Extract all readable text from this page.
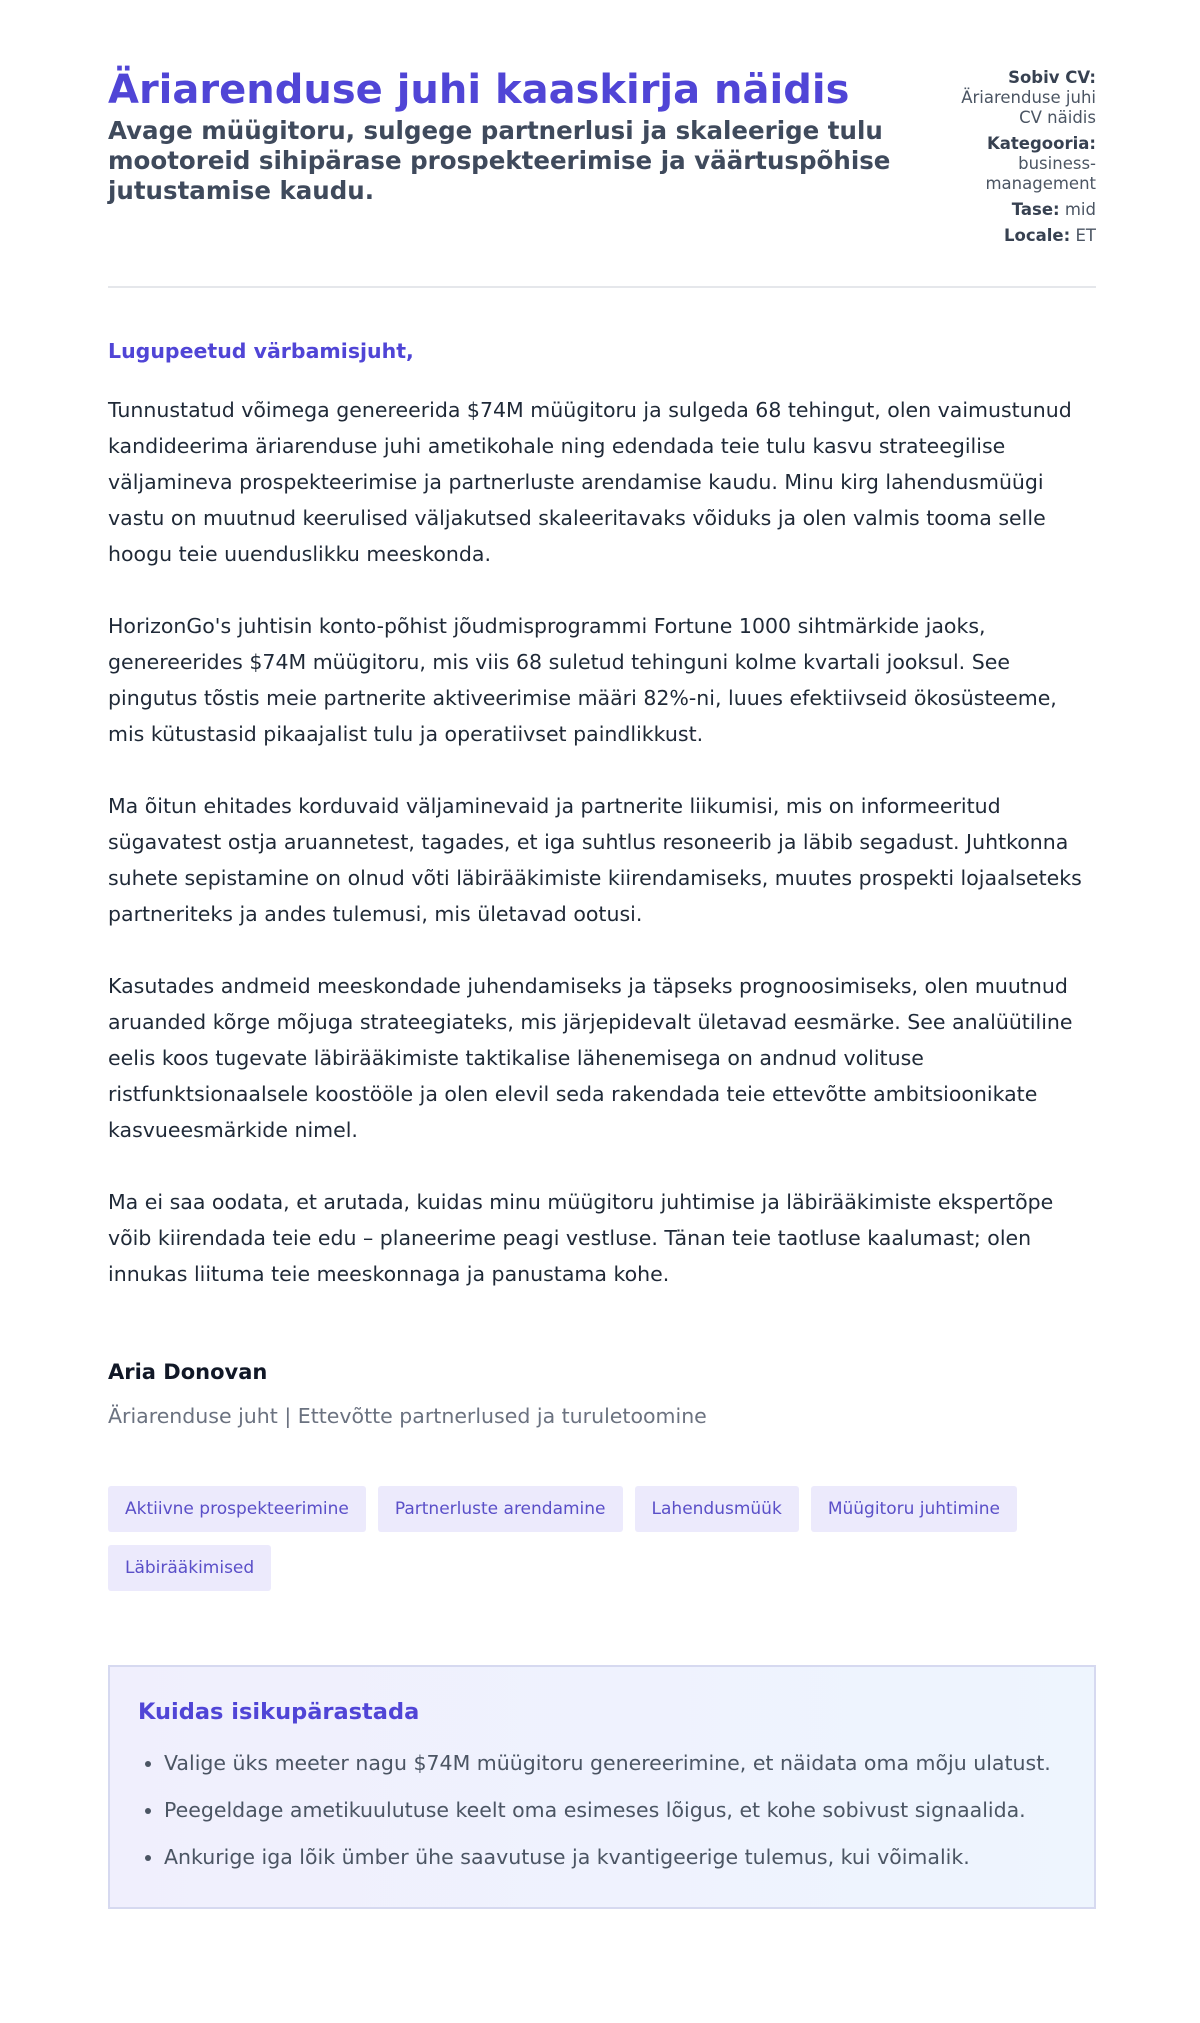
Äriarenduse juhi kaaskirja näidis

Avage müügitoru, sulgege partnerlusi ja skaleerige tulu mootoreid sihipärase prospekteerimise ja väärtuspõhise jutustamise kaudu.

Sobiv CV:
Äriarenduse juhi CV näidis
Kategooria:
business-management
Tase: mid
Locale: ET

Lugupeetud värbamisjuht,

Tunnustatud võimega genereerida $74M müügitoru ja sulgeda 68 tehingut, olen vaimustunud kandideerima äriarenduse juhi ametikohale ning edendada teie tulu kasvu strateegilise väljamineva prospekteerimise ja partnerluste arendamise kaudu. Minu kirg lahendusmüügi vastu on muutnud keerulised väljakutsed skaleeritavaks võiduks ja olen valmis tooma selle hoogu teie uuenduslikku meeskonda.

HorizonGo's juhtisin konto-põhist jõudmisprogrammi Fortune 1000 sihtmärkide jaoks, genereerides $74M müügitoru, mis viis 68 suletud tehinguni kolme kvartali jooksul. See pingutus tõstis meie partnerite aktiveerimise määri 82%-ni, luues efektiivseid ökosüsteeme, mis kütustasid pikaajalist tulu ja operatiivset paindlikkust.

Ma õitun ehitades korduvaid väljaminevaid ja partnerite liikumisi, mis on informeeritud sügavatest ostja aruannetest, tagades, et iga suhtlus resoneerib ja läbib segadust. Juhtkonna suhete sepistamine on olnud võti läbirääkimiste kiirendamiseks, muutes prospekti lojaalseteks partneriteks ja andes tulemusi, mis ületavad ootusi.

Kasutades andmeid meeskondade juhendamiseks ja täpseks prognoosimiseks, olen muutnud aruanded kõrge mõjuga strateegiateks, mis järjepidevalt ületavad eesmärke. See analüütiline eelis koos tugevate läbirääkimiste taktikalise lähenemisega on andnud volituse ristfunktsionaalsele koostööle ja olen elevil seda rakendada teie ettevõtte ambitsioonikate kasvueesmärkide nimel.

Ma ei saa oodata, et arutada, kuidas minu müügitoru juhtimise ja läbirääkimiste ekspertõpe võib kiirendada teie edu – planeerime peagi vestluse. Tänan teie taotluse kaalumast; olen innukas liituma teie meeskonnaga ja panustama kohe.

Aria Donovan

Äriarenduse juht | Ettevõtte partnerlused ja turuletoomine

Aktiivne prospekteerimine	Partnerluste arendamine	Lahendusmüük	Müügitoru juhtimine
Läbirääkimised
Kuidas isikupärastada
• Valige üks meeter nagu $74M müügitoru genereerimine, et näidata oma mõju ulatust.
• Peegeldage ametikuulutuse keelt oma esimeses lõigus, et kohe sobivust signaalida.
• Ankurige iga lõik ümber ühe saavutuse ja kvantigeerige tulemus, kui võimalik.
